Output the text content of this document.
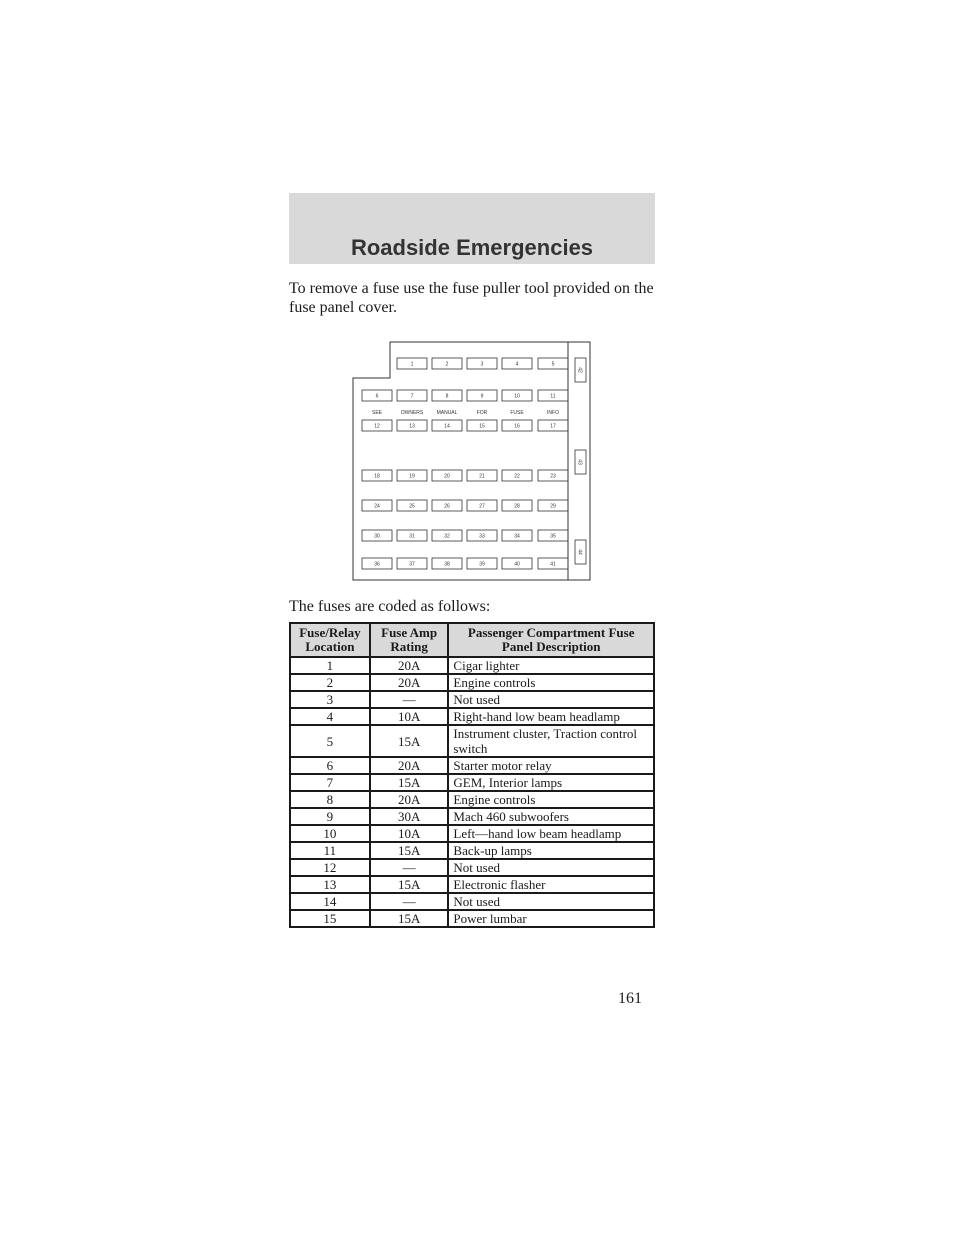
Roadside Emergencies

To remove a fuse use the fuse puller tool provided on the fuse panel cover.

1	2	3	4	5
6	7	8	9	10	11
12	13	14	15	16	17
18	19	20	21	22	23
24	25	26	27	28	29
30	31	32	33	34	35
36	37	38	39	40	41
SEE	OWNERS	MANUAL	FOR	FUSE	INFO
42
43
44

The fuses are coded as follows:

Fuse/Relay Location	Fuse Amp Rating	Passenger Compartment Fuse Panel Description
1	20A	Cigar lighter
2	20A	Engine controls
3	—	Not used
4	10A	Right-hand low beam headlamp
5	15A	Instrument cluster, Traction control switch
6	20A	Starter motor relay
7	15A	GEM, Interior lamps
8	20A	Engine controls
9	30A	Mach 460 subwoofers
10	10A	Left—hand low beam headlamp
11	15A	Back-up lamps
12	—	Not used
13	15A	Electronic flasher
14	—	Not used
15	15A	Power lumbar
161
